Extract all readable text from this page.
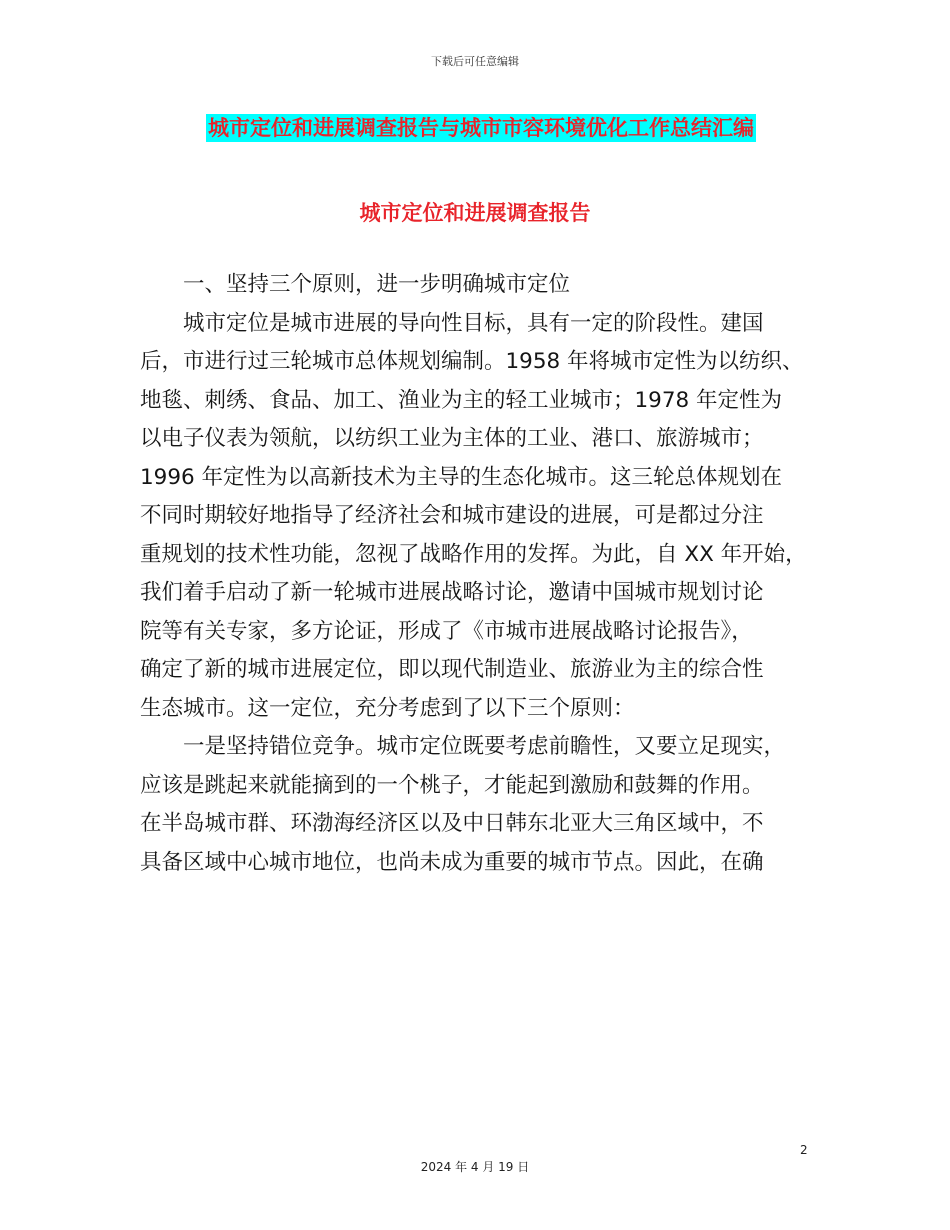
下载后可任意编辑
城市定位和进展调查报告与城市市容环境优化工作总结汇编
城市定位和进展调查报告
　　一、坚持三个原则，进一步明确城市定位
　　城市定位是城市进展的导向性目标，具有一定的阶段性。建国
后，市进行过三轮城市总体规划编制。1958 年将城市定性为以纺织、
地毯、刺绣、食品、加工、渔业为主的轻工业城市；1978 年定性为
以电子仪表为领航，以纺织工业为主体的工业、港口、旅游城市；
1996 年定性为以高新技术为主导的生态化城市。这三轮总体规划在
不同时期较好地指导了经济社会和城市建设的进展，可是都过分注
重规划的技术性功能，忽视了战略作用的发挥。为此，自 XX 年开始，
我们着手启动了新一轮城市进展战略讨论，邀请中国城市规划讨论
院等有关专家，多方论证，形成了《市城市进展战略讨论报告》，
确定了新的城市进展定位，即以现代制造业、旅游业为主的综合性
生态城市。这一定位，充分考虑到了以下三个原则：
　　一是坚持错位竞争。城市定位既要考虑前瞻性，又要立足现实，
应该是跳起来就能摘到的一个桃子，才能起到激励和鼓舞的作用。
在半岛城市群、环渤海经济区以及中日韩东北亚大三角区域中，不
具备区域中心城市地位，也尚未成为重要的城市节点。因此，在确
2
2024 年 4 月 19 日
